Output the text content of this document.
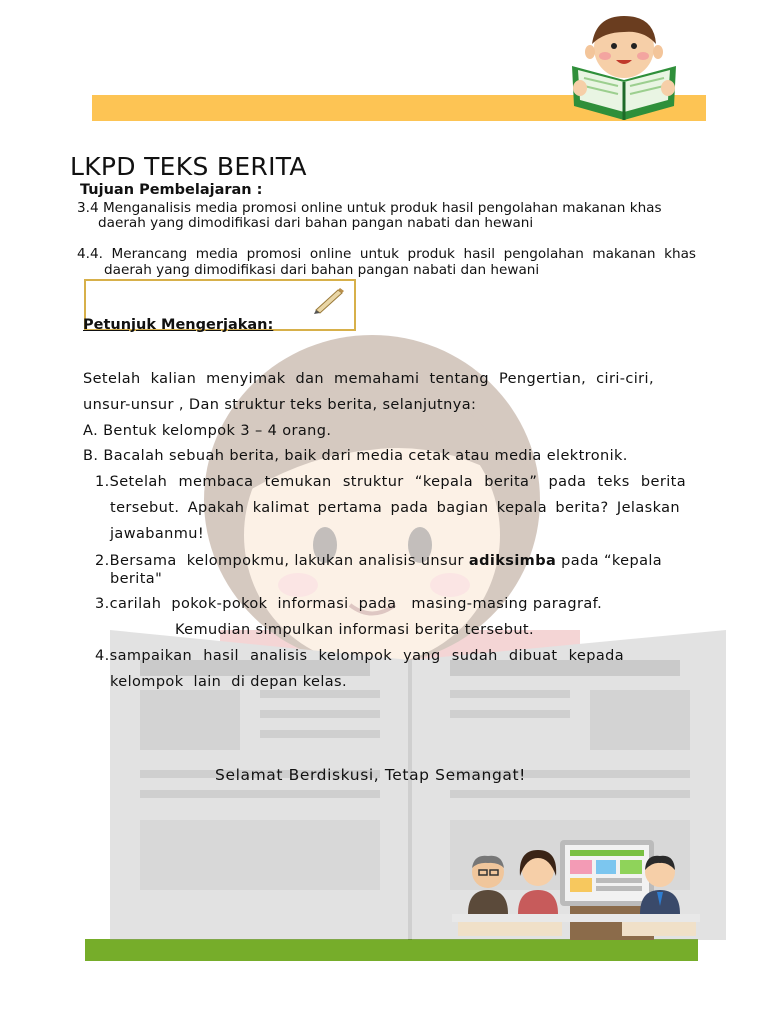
LKPD TEKS BERITA
Tujuan Pembelajaran :
3.4 Menganalisis media promosi online untuk produk hasil pengolahan makanan khas
daerah yang dimodifikasi dari bahan pangan nabati dan hewani
4.4. Merancang media promosi online untuk produk hasil pengolahan makanan khas
daerah yang dimodifikasi dari bahan pangan nabati dan hewani
Petunjuk Mengerjakan:
Setelah kalian menyimak dan memahami tentang Pengertian, ciri-ciri,
unsur-unsur , Dan struktur teks berita, selanjutnya:
A. Bentuk kelompok 3 – 4 orang.
B. Bacalah sebuah berita, baik dari media cetak atau media elektronik.
1.Setelah membaca temukan struktur “kepala berita” pada teks berita
tersebut. Apakah kalimat pertama pada bagian kepala berita? Jelaskan
jawabanmu!
2.Bersama  kelompokmu, lakukan analisis unsur adiksimba pada “kepala
berita"
3.carilah  pokok-pokok  informasi  pada   masing-masing paragraf.
Kemudian simpulkan informasi berita tersebut.
4.sampaikan hasil analisis kelompok yang sudah dibuat kepada
kelompok  lain  di depan kelas.
Selamat Berdiskusi, Tetap Semangat!
